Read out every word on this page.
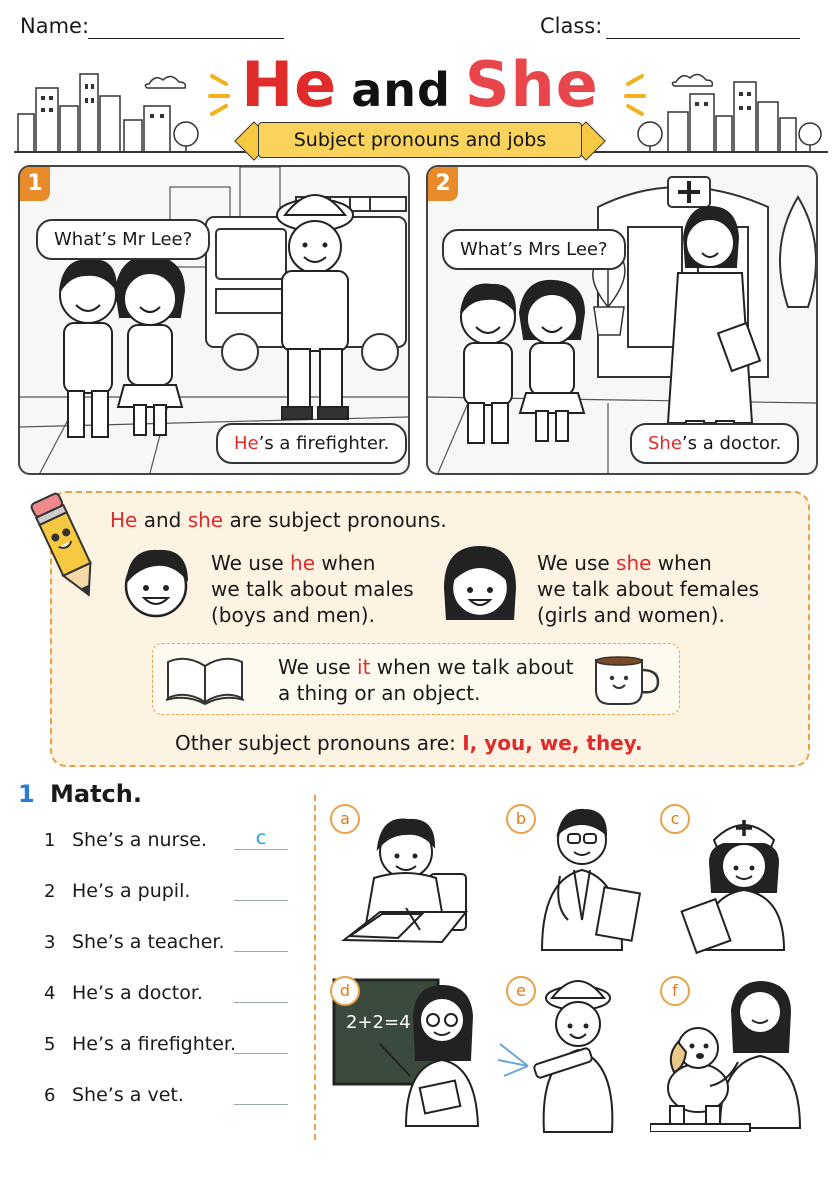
Name:	Class:
He and She
Subject pronouns and jobs
1
What’s Mr Lee?
He’s a firefighter.
2
What’s Mrs Lee?
She’s a doctor.
He and she are subject pronouns.
We use he when
we talk about males
(boys and men).
We use she when
we talk about females
(girls and women).
We use it when we talk about
a thing or an object.
Other subject pronouns are: I, you, we, they.
1 Match.
1 She’s a nurse.	c
2 He’s a pupil.
3 She’s a teacher.
4 He’s a doctor.
5 He’s a firefighter.
6 She’s a vet.
a	b	c
2+2=4
d	e	f
